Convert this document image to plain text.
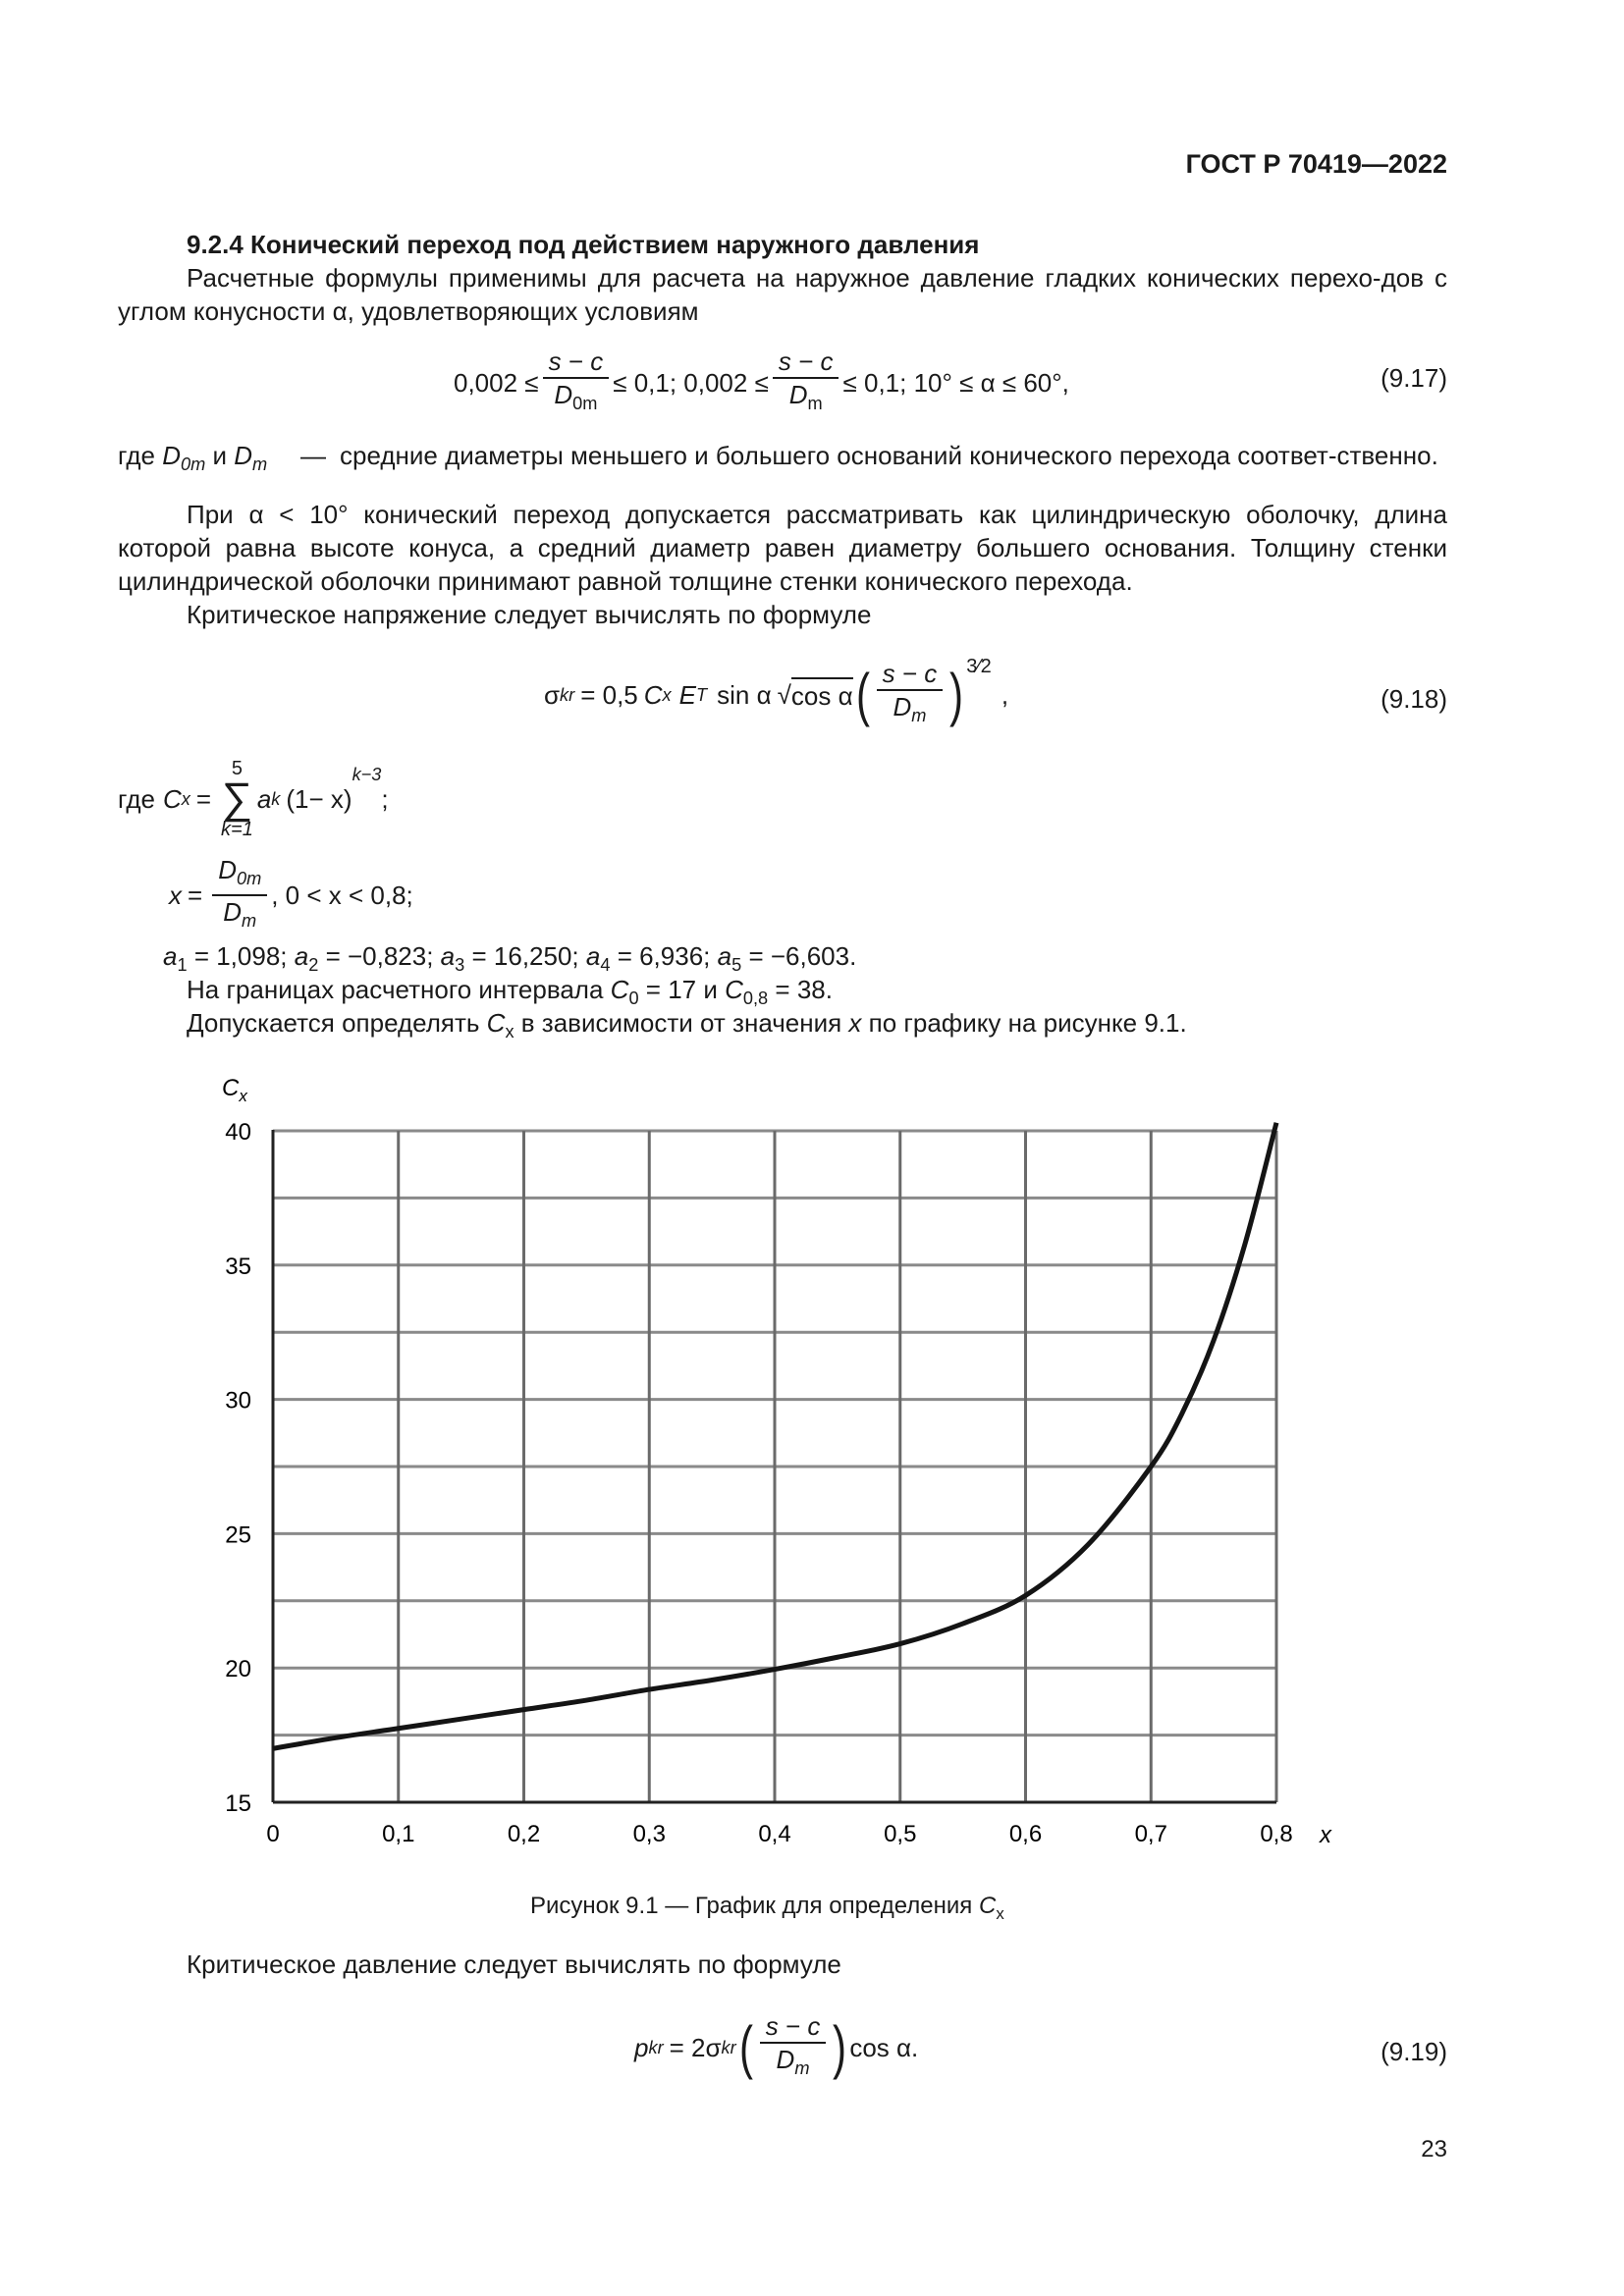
ГОСТ Р 70419—2022
9.2.4 Конический переход под действием наружного давления
Расчетные формулы применимы для расчета на наружное давление гладких конических перехо-дов с углом конусности α, удовлетворяющих условиям
$0,002 \le \frac{s - c}{D_{0m}} \le 0,1$; $0,002 \le \frac{s - c}{D_m} \le 0,1$; 10° ≤ α ≤ 60°,	(9.17)
где $D_{0m}$ и $D_m$ — средние диаметры меньшего и большего оснований конического перехода соответ-ственно.
При α < 10° конический переход допускается рассматривать как цилиндрическую оболочку, длина которой равна высоте конуса, а средний диаметр равен диаметру большего основания. Толщину стенки цилиндрической оболочки принимают равной толщине стенки конического перехода.
Критическое напряжение следует вычислять по формуле
σ kr = 0,5 C x E T sin α √ cos α ( $\frac{s - c}{D_m} )^{3⁄2}$
,	(9.18)
где C x =
5
∑
k=1
a k (1− x)
$^{k-3}$
;
$x = \frac{D_{0m}}{D_m}$ , 0 < x < 0,8;
$a_1 = 1,098$; $a_2 = -0,823$; $a_3 = 16,250$; $a_4 = 6,936$; $a_5 = -6,603$.
На границах расчетного интервала $C_0 = 17$ и $C_{0,8} = 38$.
Допускается определять $C_x$ в зависимости от значения x по графику на рисунке 9.1.
0	0,1	0,2	0,3	0,4	0,5	0,6	0,7	0,8
15
20
25
30
35
40
$C_x$
x
Рисунок 9.1 — График для определения $C_x$
Критическое давление следует вычислять по формуле
p kr = 2σ kr ( $\frac{s - c}{D_m}$ ) cos α.	(9.19)
23
